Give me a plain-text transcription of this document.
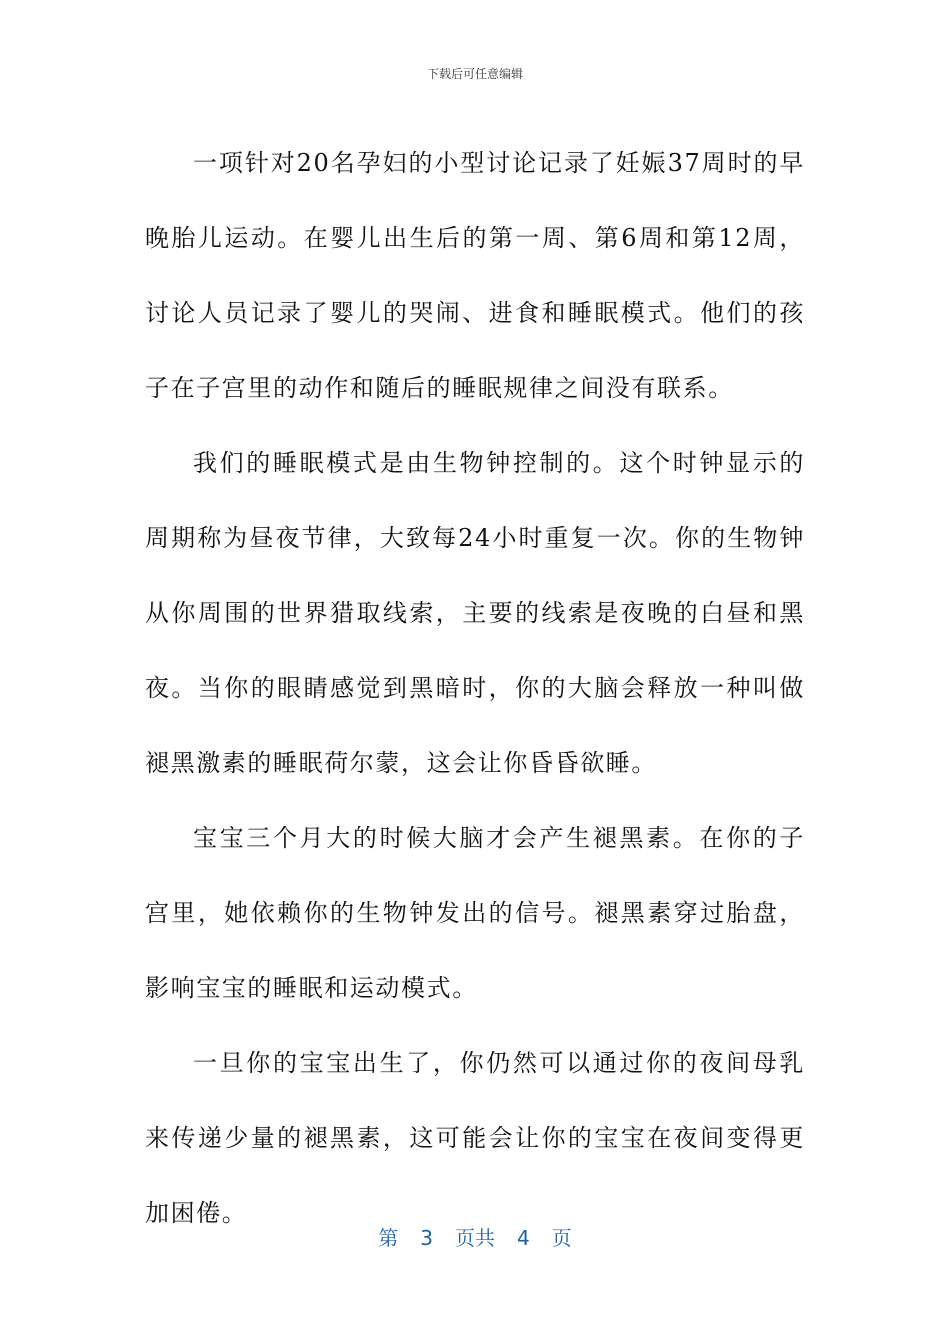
下载后可任意编辑

一项针对20名孕妇的小型讨论记录了妊娠37周时的早晚胎儿运动。在婴儿出生后的第一周、第6周和第12周，讨论人员记录了婴儿的哭闹、进食和睡眠模式。他们的孩子在子宫里的动作和随后的睡眠规律之间没有联系。

我们的睡眠模式是由生物钟控制的。这个时钟显示的周期称为昼夜节律，大致每24小时重复一次。你的生物钟从你周围的世界猎取线索，主要的线索是夜晚的白昼和黑夜。当你的眼睛感觉到黑暗时，你的大脑会释放一种叫做褪黑激素的睡眠荷尔蒙，这会让你昏昏欲睡。

宝宝三个月大的时候大脑才会产生褪黑素。在你的子宫里，她依赖你的生物钟发出的信号。褪黑素穿过胎盘，影响宝宝的睡眠和运动模式。

一旦你的宝宝出生了，你仍然可以通过你的夜间母乳来传递少量的褪黑素，这可能会让你的宝宝在夜间变得更加困倦。

第 3 页共 4 页
